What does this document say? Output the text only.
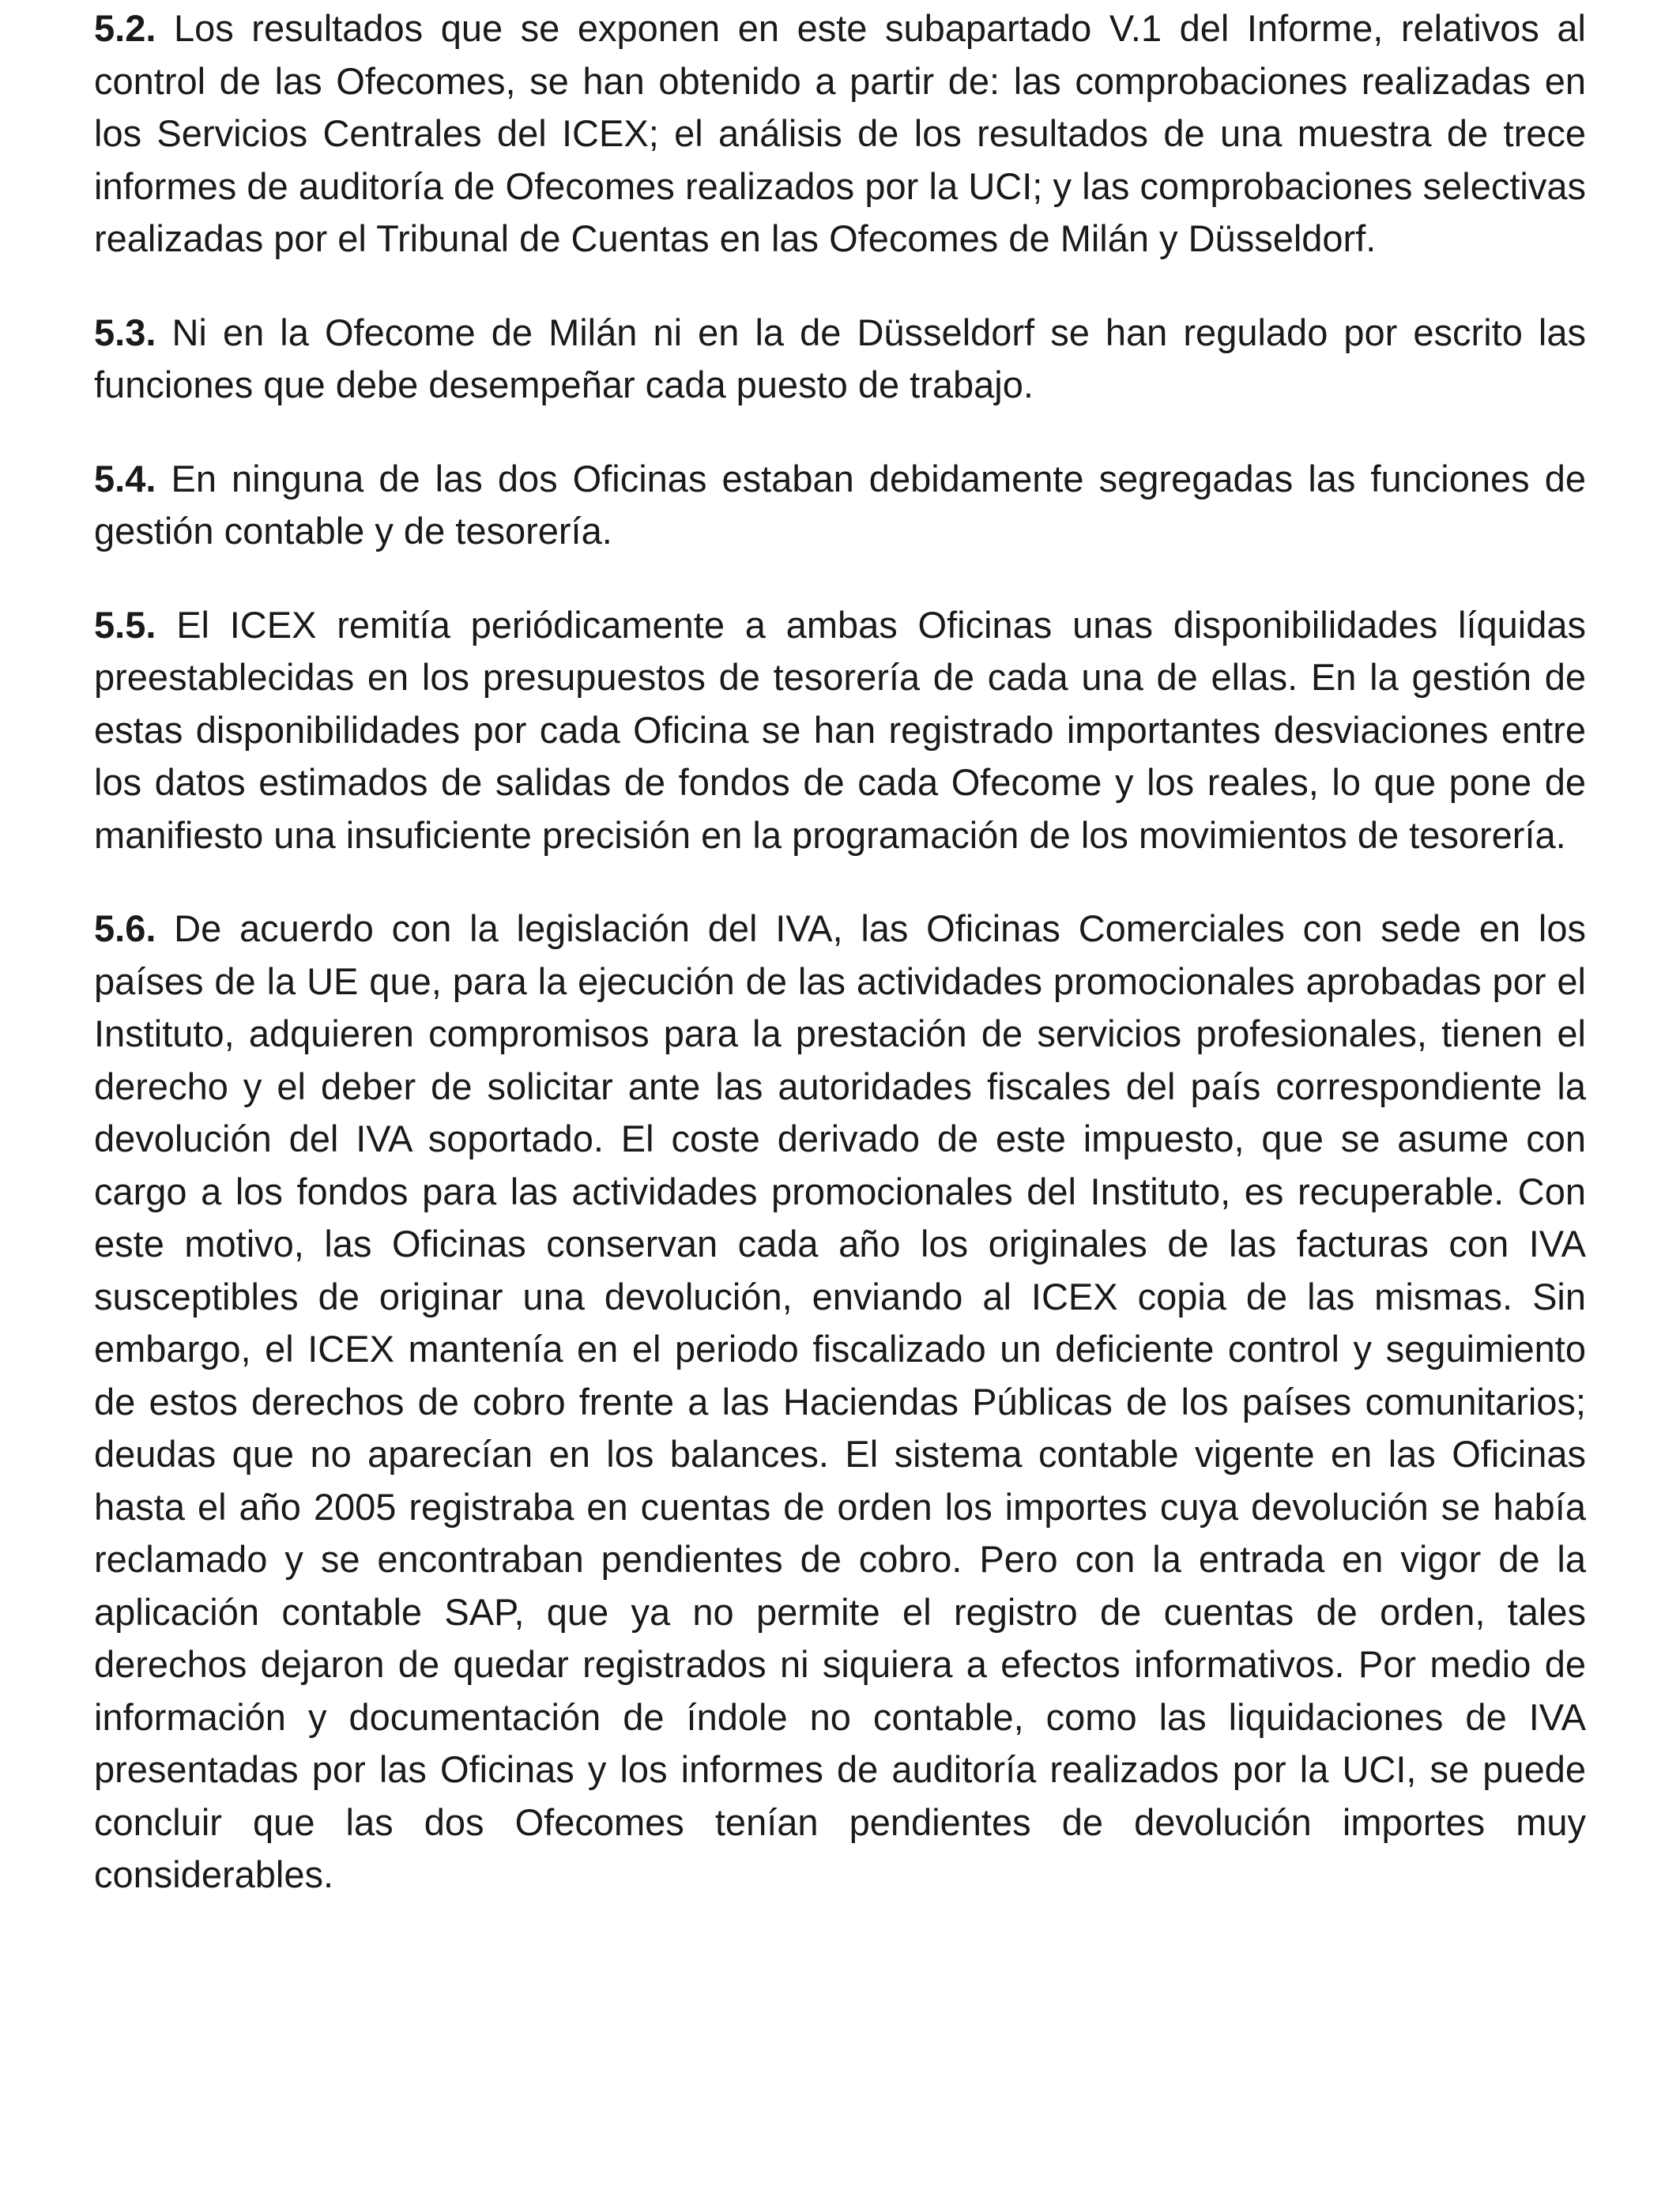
5.2. Los resultados que se exponen en este subapartado V.1 del Informe, relativos al control de las Ofecomes, se han obtenido a partir de: las comprobaciones realizadas en los Servicios Centrales del ICEX; el análisis de los resultados de una muestra de trece informes de auditoría de Ofecomes realizados por la UCI; y las comprobaciones selectivas realizadas por el Tribunal de Cuentas en las Ofecomes de Milán y Düsseldorf.

5.3. Ni en la Ofecome de Milán ni en la de Düsseldorf se han regulado por escrito las funciones que debe desempeñar cada puesto de trabajo.

5.4. En ninguna de las dos Oficinas estaban debidamente segregadas las funciones de gestión contable y de tesorería.

5.5. El ICEX remitía periódicamente a ambas Oficinas unas disponibilidades líquidas preestablecidas en los presupuestos de tesorería de cada una de ellas. En la gestión de estas disponibilidades por cada Oficina se han registrado importantes desviaciones entre los datos estimados de salidas de fondos de cada Ofecome y los reales, lo que pone de manifiesto una insuficiente precisión en la programación de los movimientos de tesorería.

5.6. De acuerdo con la legislación del IVA, las Oficinas Comerciales con sede en los países de la UE que, para la ejecución de las actividades promocionales aprobadas por el Instituto, adquieren compromisos para la prestación de servicios profesionales, tienen el derecho y el deber de solicitar ante las autoridades fiscales del país correspondiente la devolución del IVA soportado. El coste derivado de este impuesto, que se asume con cargo a los fondos para las actividades promocionales del Instituto, es recuperable. Con este motivo, las Oficinas conservan cada año los originales de las facturas con IVA susceptibles de originar una devolución, enviando al ICEX copia de las mismas. Sin embargo, el ICEX mantenía en el periodo fiscalizado un deficiente control y seguimiento de estos derechos de cobro frente a las Haciendas Públicas de los países comunitarios; deudas que no aparecían en los balances. El sistema contable vigente en las Oficinas hasta el año 2005 registraba en cuentas de orden los importes cuya devolución se había reclamado y se encontraban pendientes de cobro. Pero con la entrada en vigor de la aplicación contable SAP, que ya no permite el registro de cuentas de orden, tales derechos dejaron de quedar registrados ni siquiera a efectos informativos. Por medio de información y documentación de índole no contable, como las liquidaciones de IVA presentadas por las Oficinas y los informes de auditoría realizados por la UCI, se puede concluir que las dos Ofecomes tenían pendientes de devolución importes muy considerables.
